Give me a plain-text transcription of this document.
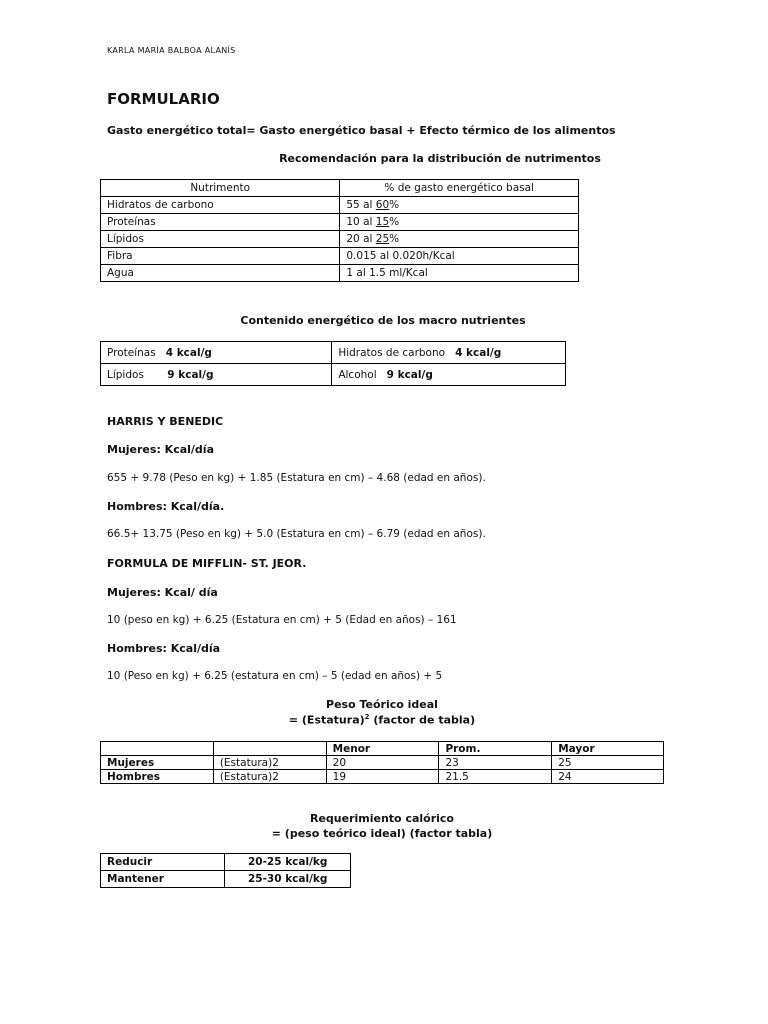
KARLA MARÍA BALBOA ALANÍS
FORMULARIO
Gasto energético total= Gasto energético basal + Efecto térmico de los alimentos
Recomendación para la distribución de nutrimentos
Nutrimento	% de gasto energético basal
Hidratos de carbono	55 al 60%
Proteínas	10 al 15%
Lípidos	20 al 25%
Fibra	0.015 al 0.020h/Kcal
Agua	1 al 1.5 ml/Kcal
Contenido energético de los macro nutrientes
Proteínas 4 kcal/g	Hidratos de carbono 4 kcal/g
Lípidos 9 kcal/g	Alcohol 9 kcal/g
HARRIS Y BENEDIC
Mujeres: Kcal/día
655 + 9.78 (Peso en kg) + 1.85 (Estatura en cm) – 4.68 (edad en años).
Hombres: Kcal/día.
66.5+ 13.75 (Peso en kg) + 5.0 (Estatura en cm) – 6.79 (edad en años).
FORMULA DE MIFFLIN- ST. JEOR.
Mujeres: Kcal/ día
10 (peso en kg) + 6.25 (Estatura en cm) + 5 (Edad en años) – 161
Hombres: Kcal/día
10 (Peso en kg) + 6.25 (estatura en cm) – 5 (edad en años) + 5
Peso Teórico ideal
= (Estatura)$^2$ (factor de tabla)
		Menor	Prom.	Mayor
Mujeres	(Estatura)2	20	23	25
Hombres	(Estatura)2	19	21.5	24
Requerimiento calórico
= (peso teórico ideal) (factor tabla)
Reducir	20-25 kcal/kg
Mantener	25-30 kcal/kg
